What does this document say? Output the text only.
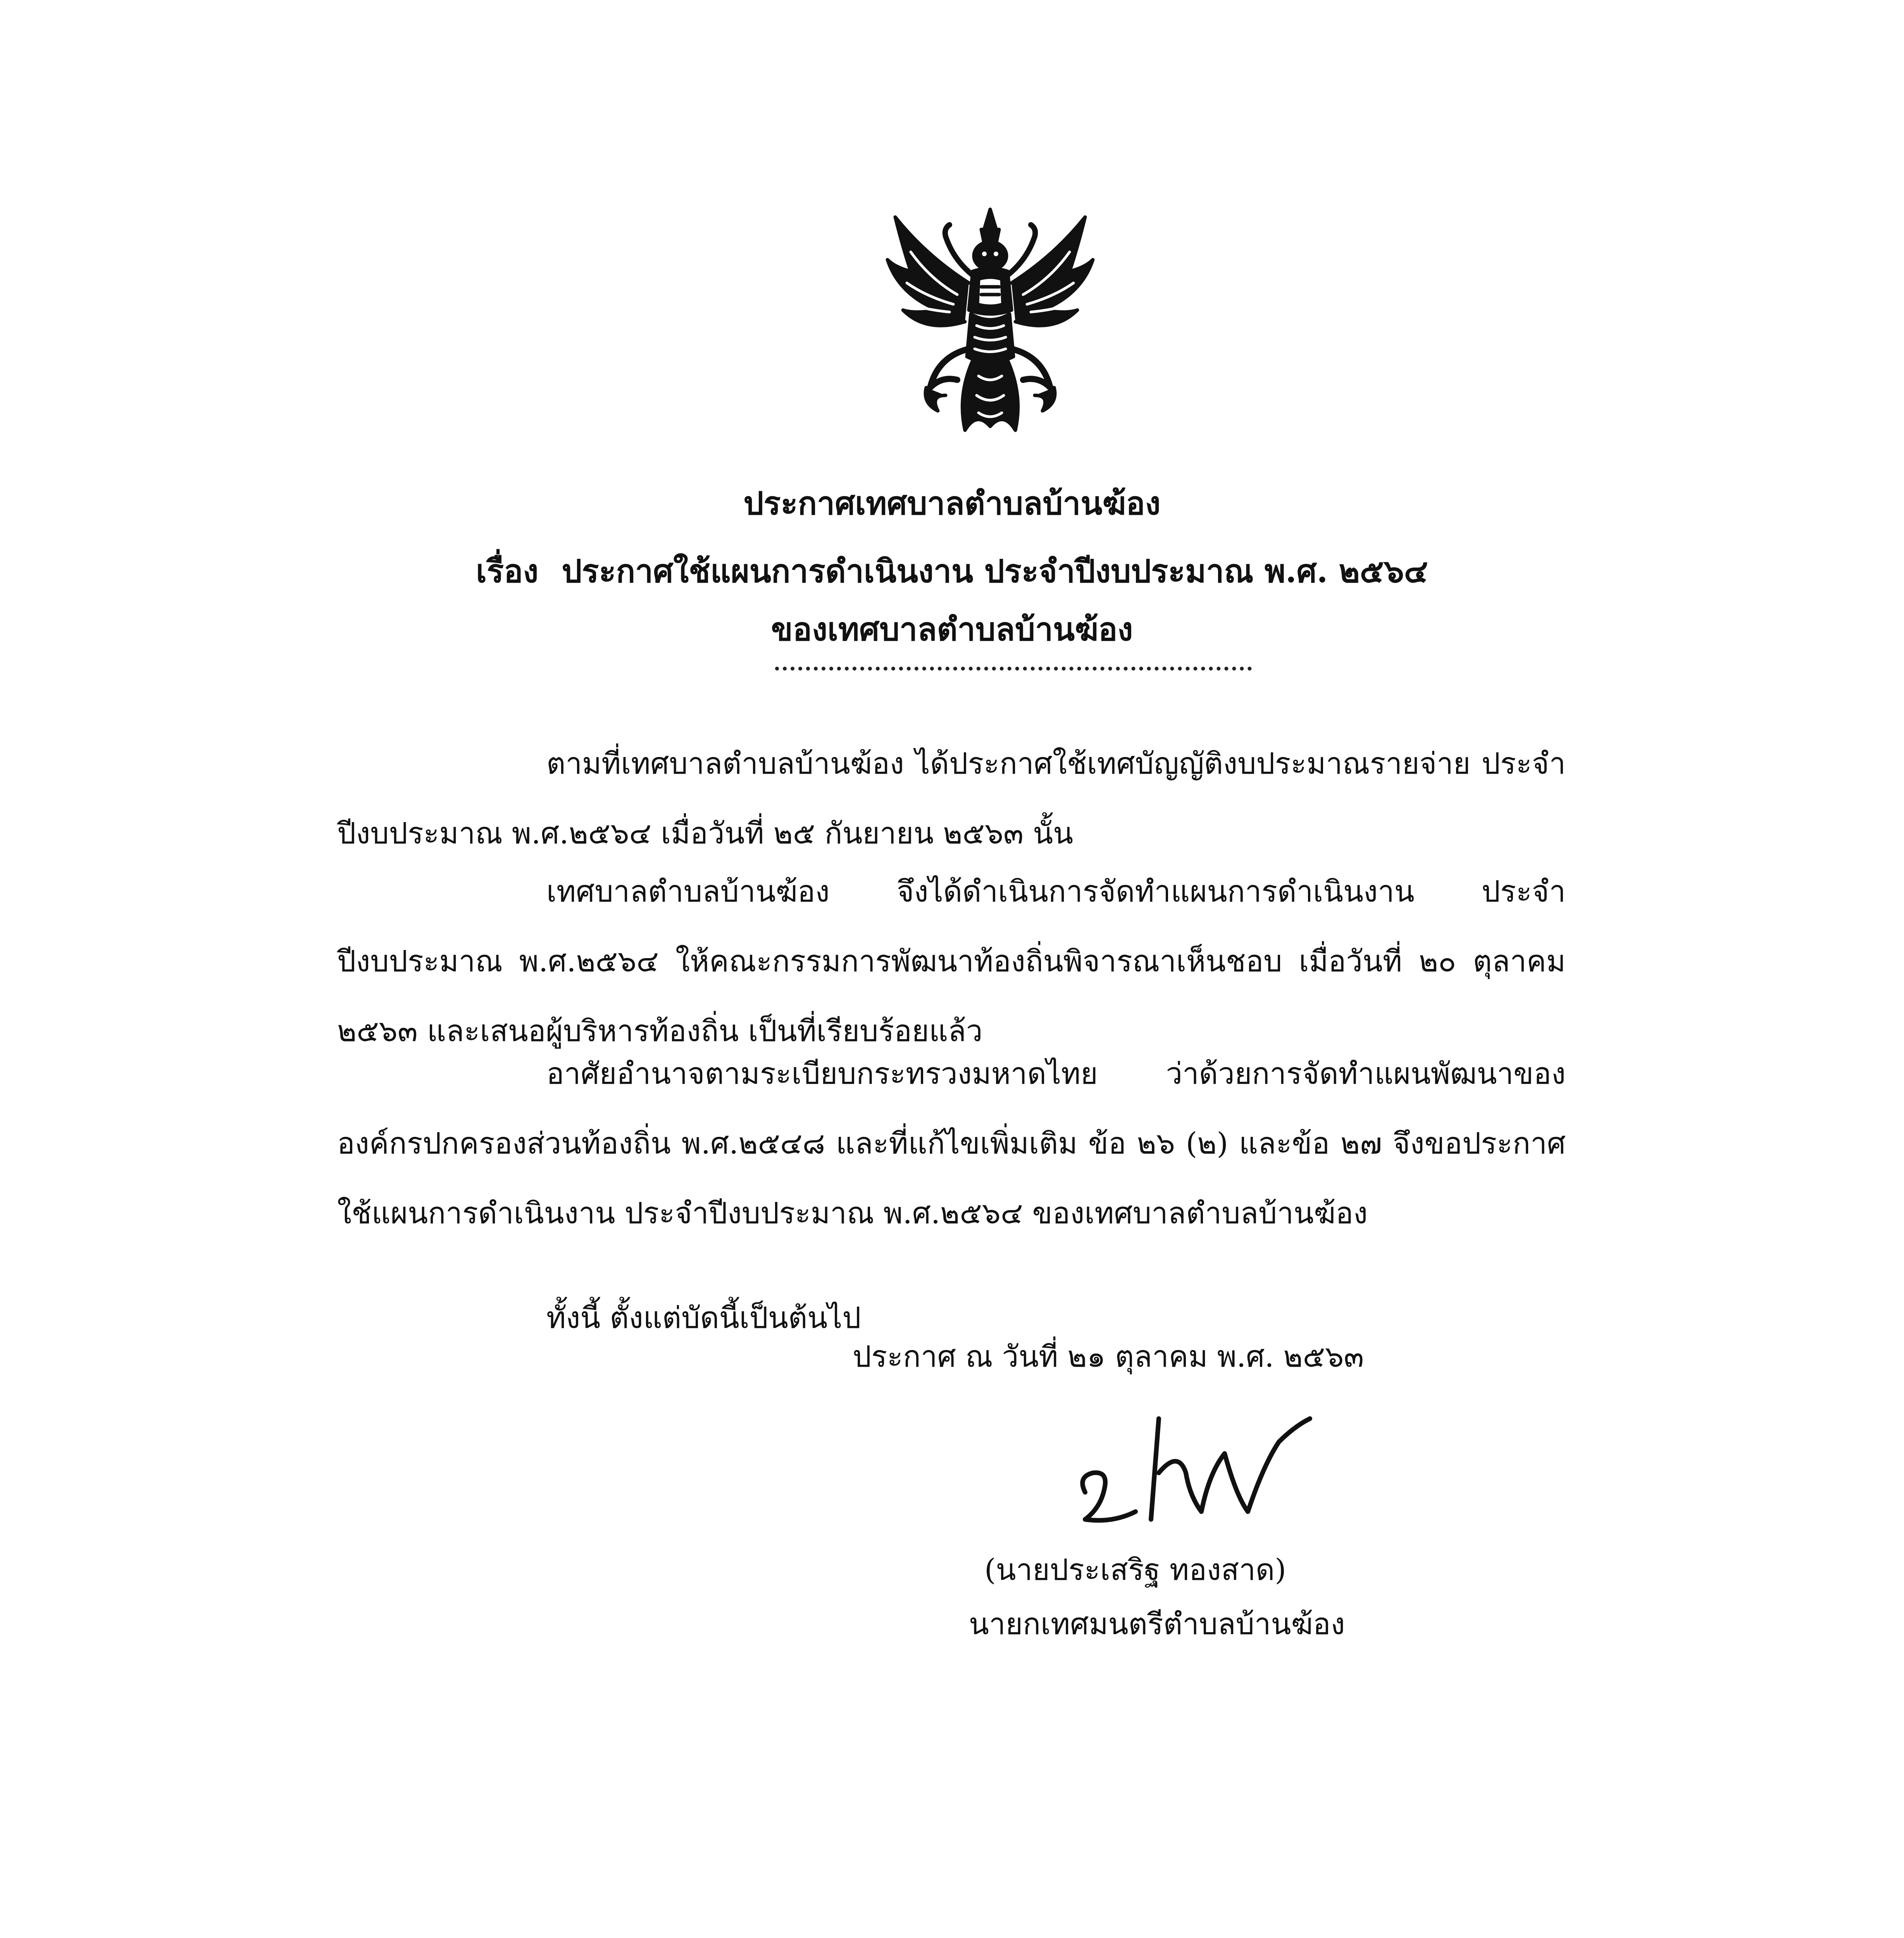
ประกาศเทศบาลตำบลบ้านฆ้อง
เรื่อง ประกาศใช้แผนการดำเนินงาน ประจำปีงบประมาณ พ.ศ. ๒๕๖๔
ของเทศบาลตำบลบ้านฆ้อง

ตามที่เทศบาลตำบลบ้านฆ้อง ได้ประกาศใช้เทศบัญญัติงบประมาณรายจ่าย ประจำปีงบประมาณ พ.ศ.๒๕๖๔ เมื่อวันที่ ๒๕ กันยายน ๒๕๖๓ นั้น

เทศบาลตำบลบ้านฆ้อง จึงได้ดำเนินการจัดทำแผนการดำเนินงาน ประจำปีงบประมาณ พ.ศ.๒๕๖๔ ให้คณะกรรมการพัฒนาท้องถิ่นพิจารณาเห็นชอบ เมื่อวันที่ ๒๐ ตุลาคม ๒๕๖๓ และเสนอผู้บริหารท้องถิ่น เป็นที่เรียบร้อยแล้ว

อาศัยอำนาจตามระเบียบกระทรวงมหาดไทย ว่าด้วยการจัดทำแผนพัฒนาขององค์กรปกครองส่วนท้องถิ่น พ.ศ.๒๕๔๘ และที่แก้ไขเพิ่มเติม ข้อ ๒๖ (๒) และข้อ ๒๗ จึงขอประกาศใช้แผนการดำเนินงาน ประจำปีงบประมาณ พ.ศ.๒๕๖๔ ของเทศบาลตำบลบ้านฆ้อง

ทั้งนี้ ตั้งแต่บัดนี้เป็นต้นไป

ประกาศ ณ วันที่ ๒๑ ตุลาคม พ.ศ. ๒๕๖๓
(นายประเสริฐ ทองสาด)
นายกเทศมนตรีตำบลบ้านฆ้อง
